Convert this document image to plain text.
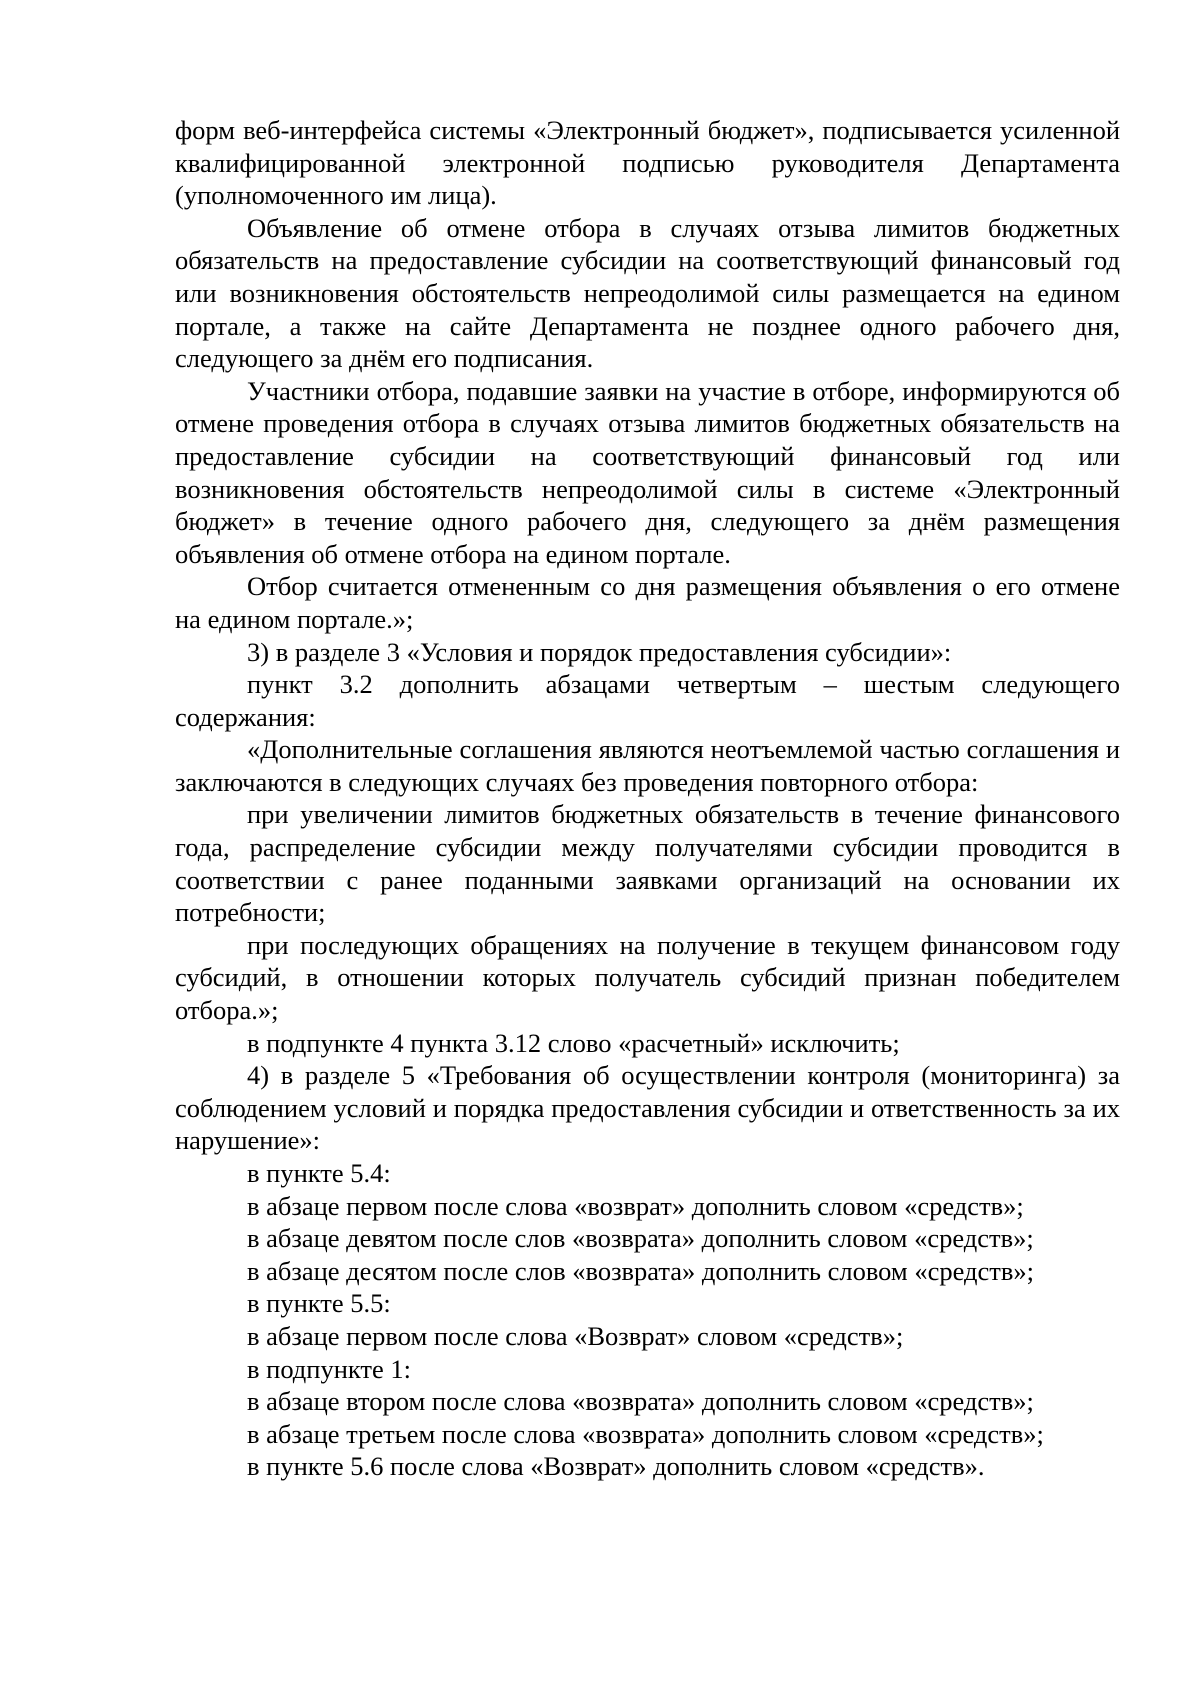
форм веб-интерфейса системы «Электронный бюджет», подписывается усиленной квалифицированной электронной подписью руководителя Департамента (уполномоченного им лица).

Объявление об отмене отбора в случаях отзыва лимитов бюджетных обязательств на предоставление субсидии на соответствующий финансовый год или возникновения обстоятельств непреодолимой силы размещается на едином портале, а также на сайте Департамента не позднее одного рабочего дня, следующего за днём его подписания.

Участники отбора, подавшие заявки на участие в отборе, информируются об отмене проведения отбора в случаях отзыва лимитов бюджетных обязательств на предоставление субсидии на соответствующий финансовый год или возникновения обстоятельств непреодолимой силы в системе «Электронный бюджет» в течение одного рабочего дня, следующего за днём размещения объявления об отмене отбора на едином портале.

Отбор считается отмененным со дня размещения объявления о его отмене на едином портале.»;

3) в разделе 3 «Условия и порядок предоставления субсидии»:

пункт 3.2 дополнить абзацами четвертым – шестым следующего содержания:

«Дополнительные соглашения являются неотъемлемой частью соглашения и заключаются в следующих случаях без проведения повторного отбора:

при увеличении лимитов бюджетных обязательств в течение финансового года, распределение субсидии между получателями субсидии проводится в соответствии с ранее поданными заявками организаций на основании их потребности;

при последующих обращениях на получение в текущем финансовом году субсидий, в отношении которых получатель субсидий признан победителем отбора.»;

в подпункте 4 пункта 3.12 слово «расчетный» исключить;

4) в разделе 5 «Требования об осуществлении контроля (мониторинга) за соблюдением условий и порядка предоставления субсидии и ответственность за их нарушение»:

в пункте 5.4:

в абзаце первом после слова «возврат» дополнить словом «средств»;

в абзаце девятом после слов «возврата» дополнить словом «средств»;

в абзаце десятом после слов «возврата» дополнить словом «средств»;

в пункте 5.5:

в абзаце первом после слова «Возврат» словом «средств»;

в подпункте 1:

в абзаце втором после слова «возврата» дополнить словом «средств»;

в абзаце третьем после слова «возврата» дополнить словом «средств»;

в пункте 5.6 после слова «Возврат» дополнить словом «средств».
